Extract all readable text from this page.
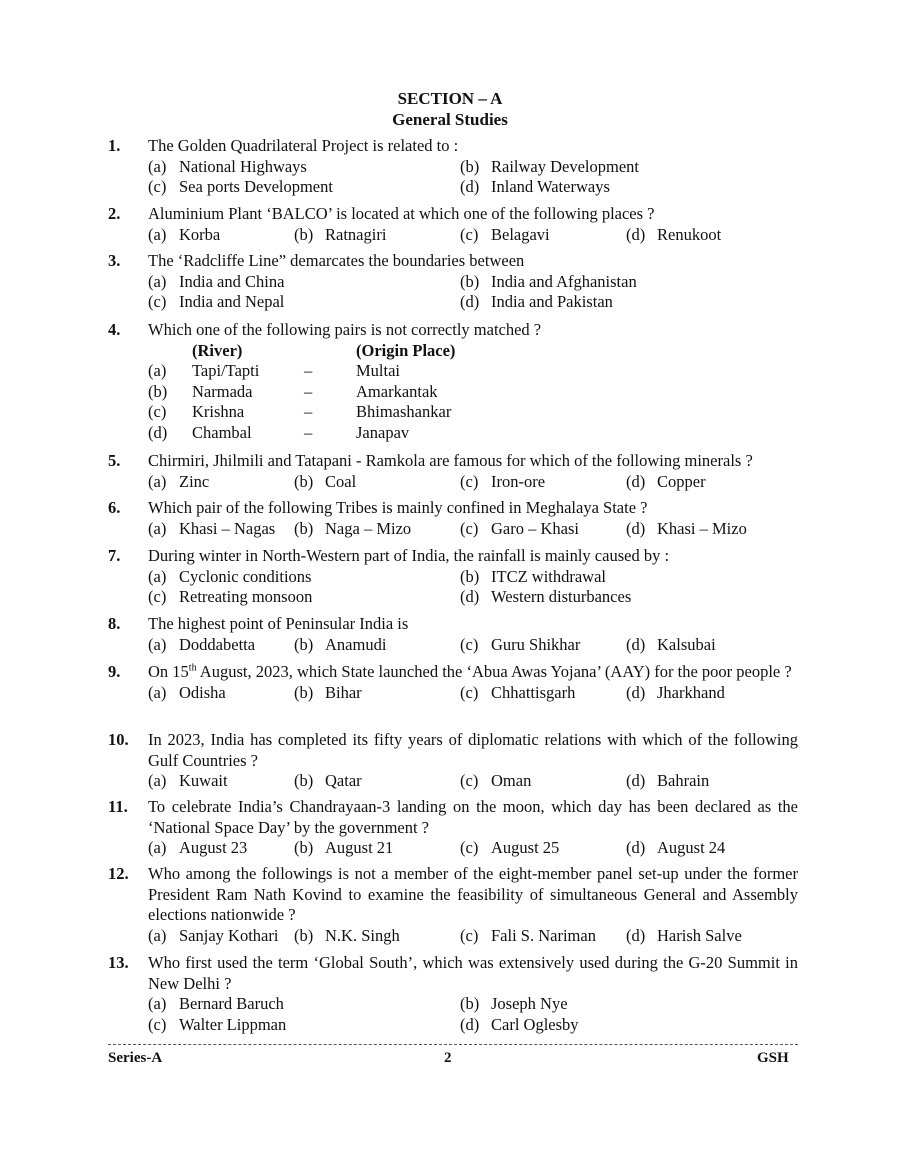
SECTION – A
General Studies
1. The Golden Quadrilateral Project is related to :
(a) National Highways	(b) Railway Development
(c) Sea ports Development	(d) Inland Waterways
2. Aluminium Plant ‘BALCO’ is located at which one of the following places ?
(a) Korba	(b) Ratnagiri	(c) Belagavi	(d) Renukoot
3. The ‘Radcliffe Line” demarcates the boundaries between
(a) India and China	(b) India and Afghanistan
(c) India and Nepal	(d) India and Pakistan
4. Which one of the following pairs is not correctly matched ?
(River)	(Origin Place)
(a) Tapi/Tapti	–	Multai
(b) Narmada	–	Amarkantak
(c) Krishna	–	Bhimashankar
(d) Chambal	–	Janapav
5. Chirmiri, Jhilmili and Tatapani - Ramkola are famous for which of the following minerals ?
(a) Zinc	(b) Coal	(c) Iron-ore	(d) Copper
6. Which pair of the following Tribes is mainly confined in Meghalaya State ?
(a) Khasi – Nagas (b) Naga – Mizo	(c) Garo – Khasi	(d) Khasi – Mizo
7. During winter in North-Western part of India, the rainfall is mainly caused by :
(a) Cyclonic conditions	(b) ITCZ withdrawal
(c) Retreating monsoon	(d) Western disturbances
8. The highest point of Peninsular India is
(a) Doddabetta (b) Anamudi	(c) Guru Shikhar	(d) Kalsubai
9. On 15th August, 2023, which State launched the ‘Abua Awas Yojana’ (AAY) for the poor people ?
(a) Odisha	(b) Bihar	(c) Chhattisgarh	(d) Jharkhand
10. In 2023, India has completed its fifty years of diplomatic relations with which of the following Gulf Countries ?
(a) Kuwait	(b) Qatar	(c) Oman	(d) Bahrain
11. To celebrate India’s Chandrayaan-3 landing on the moon, which day has been declared as the ‘National Space Day’ by the government ?
(a) August 23	(b) August 21	(c) August 25	(d) August 24
12. Who among the followings is not a member of the eight-member panel set-up under the former President Ram Nath Kovind to examine the feasibility of simultaneous General and Assembly elections nationwide ?
(a) Sanjay Kothari (b) N.K. Singh	(c) Fali S. Nariman (d) Harish Salve
13. Who first used the term ‘Global South’, which was extensively used during the G-20 Summit in New Delhi ?
(a) Bernard Baruch	(b) Joseph Nye
(c) Walter Lippman	(d) Carl Oglesby
Series-A	2	GSH
